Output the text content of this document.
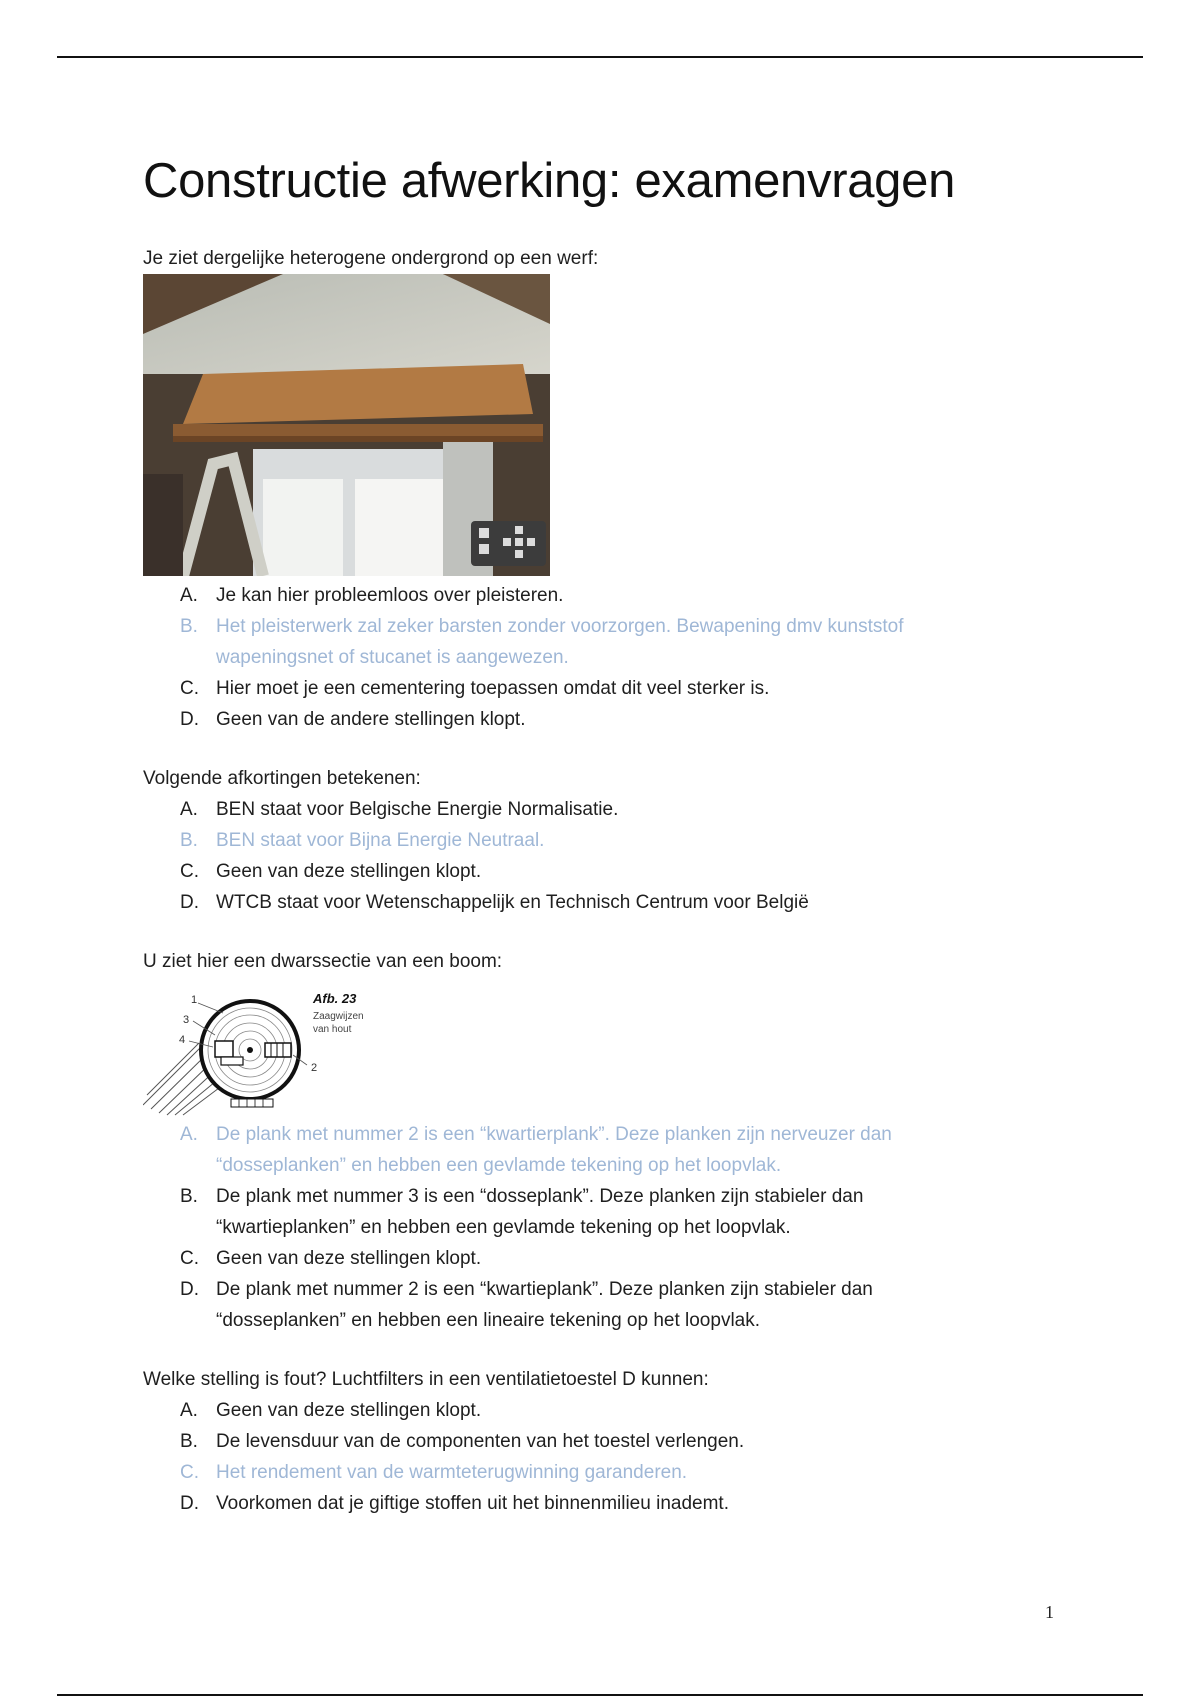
Constructie afwerking: examenvragen

Je ziet dergelijke heterogene ondergrond op een werf:

A. Je kan hier probleemloos over pleisteren.
B. Het pleisterwerk zal zeker barsten zonder voorzorgen. Bewapening dmv kunststof wapeningsnet of stucanet is aangewezen.
C. Hier moet je een cementering toepassen omdat dit veel sterker is.
D. Geen van de andere stellingen klopt.

Volgende afkortingen betekenen:

A. BEN staat voor Belgische Energie Normalisatie.
B. BEN staat voor Bijna Energie Neutraal.
C. Geen van deze stellingen klopt.
D. WTCB staat voor Wetenschappelijk en Technisch Centrum voor België

U ziet hier een dwarssectie van een boom:

1
3
4
2
Afb. 23
Zaagwijzen
van hout
A. De plank met nummer 2 is een “kwartierplank”. Deze planken zijn nerveuzer dan “dosseplanken” en hebben een gevlamde tekening op het loopvlak.
B. De plank met nummer 3 is een “dosseplank”. Deze planken zijn stabieler dan “kwartieplanken” en hebben een gevlamde tekening op het loopvlak.
C. Geen van deze stellingen klopt.
D. De plank met nummer 2 is een “kwartieplank”. Deze planken zijn stabieler dan “dosseplanken” en hebben een lineaire tekening op het loopvlak.

Welke stelling is fout? Luchtfilters in een ventilatietoestel D kunnen:

A. Geen van deze stellingen klopt.
B. De levensduur van de componenten van het toestel verlengen.
C. Het rendement van de warmteterugwinning garanderen.
D. Voorkomen dat je giftige stoffen uit het binnenmilieu inademt.
1
